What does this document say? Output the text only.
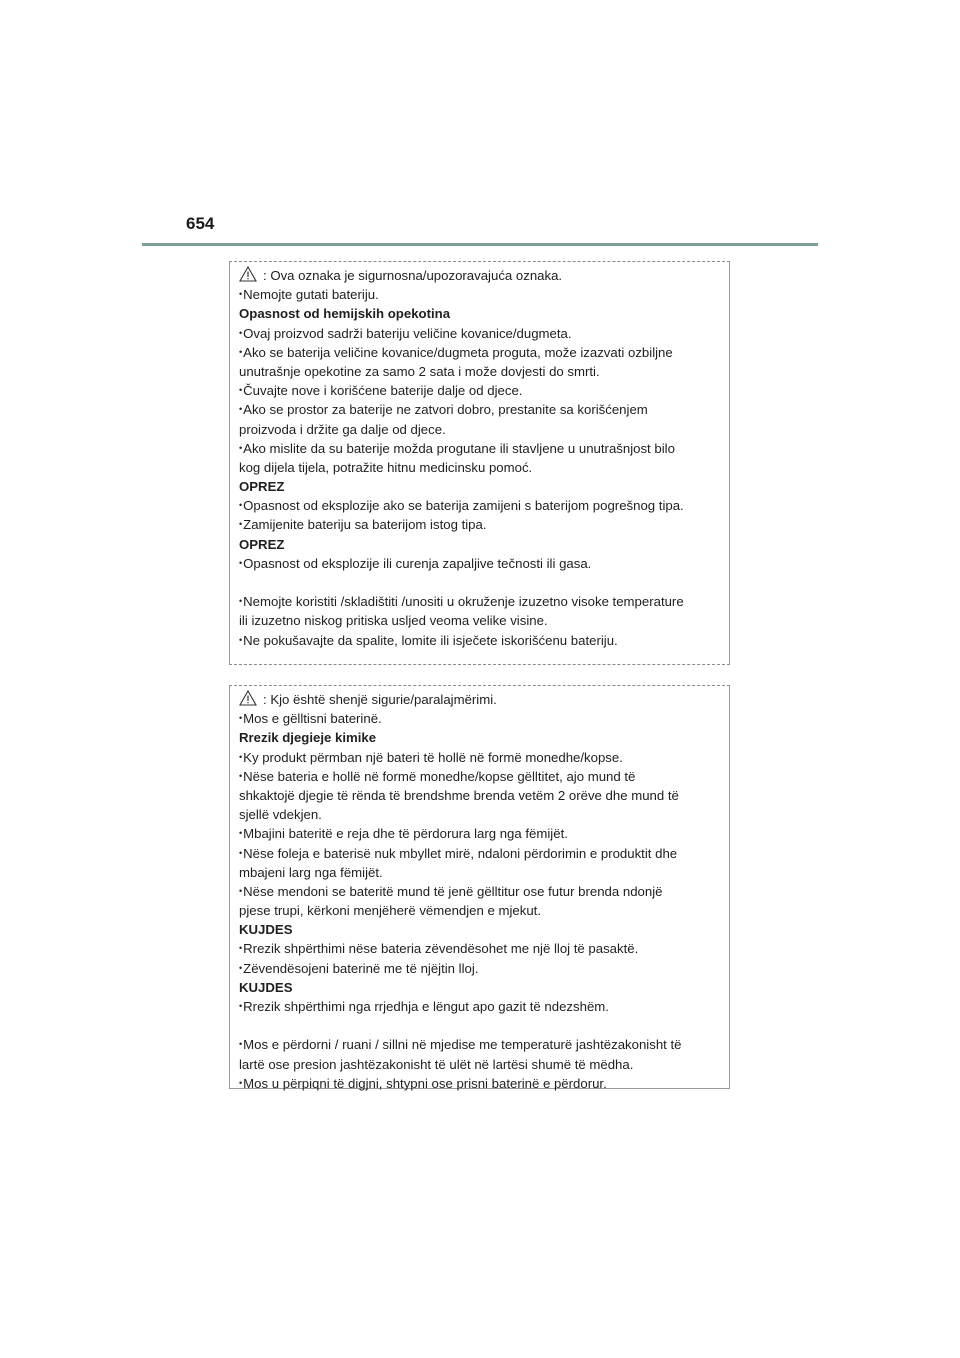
654
: Ova oznaka je sigurnosna/upozoravajuća oznaka.
•Nemojte gutati bateriju.
Opasnost od hemijskih opekotina
•Ovaj proizvod sadrži bateriju veličine kovanice/dugmeta.
•Ako se baterija veličine kovanice/dugmeta proguta, može izazvati ozbiljne
unutrašnje opekotine za samo 2 sata i može dovjesti do smrti.
•Čuvajte nove i korišćene baterije dalje od djece.
•Ako se prostor za baterije ne zatvori dobro, prestanite sa korišćenjem
proizvoda i držite ga dalje od djece.
•Ako mislite da su baterije možda progutane ili stavljene u unutrašnjost bilo
kog dijela tijela, potražite hitnu medicinsku pomoć.
OPREZ
•Opasnost od eksplozije ako se baterija zamijeni s baterijom pogrešnog tipa.
•Zamijenite bateriju sa baterijom istog tipa.
OPREZ
•Opasnost od eksplozije ili curenja zapaljive tečnosti ili gasa.
•Nemojte koristiti /skladištiti /unositi u okruženje izuzetno visoke temperature
ili izuzetno niskog pritiska usljed veoma velike visine.
•Ne pokušavajte da spalite, lomite ili isječete iskorišćenu bateriju.
: Kjo është shenjë sigurie/paralajmërimi.
•Mos e gëlltisni baterinë.
Rrezik djegieje kimike
•Ky produkt përmban një bateri të hollë në formë monedhe/kopse.
•Nëse bateria e hollë në formë monedhe/kopse gëlltitet, ajo mund të
shkaktojë djegie të rënda të brendshme brenda vetëm 2 orëve dhe mund të
sjellë vdekjen.
•Mbajini bateritë e reja dhe të përdorura larg nga fëmijët.
•Nëse foleja e baterisë nuk mbyllet mirë, ndaloni përdorimin e produktit dhe
mbajeni larg nga fëmijët.
•Nëse mendoni se bateritë mund të jenë gëlltitur ose futur brenda ndonjë
pjese trupi, kërkoni menjëherë vëmendjen e mjekut.
KUJDES
•Rrezik shpërthimi nëse bateria zëvendësohet me një lloj të pasaktë.
•Zëvendësojeni baterinë me të njëjtin lloj.
KUJDES
•Rrezik shpërthimi nga rrjedhja e lëngut apo gazit të ndezshëm.
•Mos e përdorni / ruani / sillni në mjedise me temperaturë jashtëzakonisht të
lartë ose presion jashtëzakonisht të ulët në lartësi shumë të mëdha.
•Mos u përpiqni të digjni, shtypni ose prisni baterinë e përdorur.
